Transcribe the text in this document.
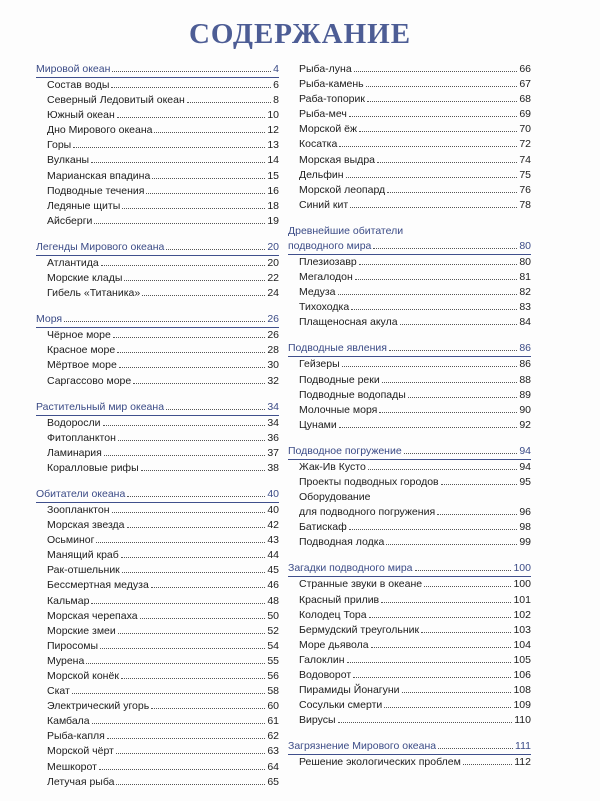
СОДЕРЖАНИЕ
Мировой океан	4
Состав воды	6
Северный Ледовитый океан	8
Южный океан	10
Дно Мирового океана	12
Горы	13
Вулканы	14
Марианская впадина	15
Подводные течения	16
Ледяные щиты	18
Айсберги	19
Легенды Мирового океана	20
Атлантида	20
Морские клады	22
Гибель «Титаника»	24
Моря	26
Чёрное море	26
Красное море	28
Мёртвое море	30
Саргассово море	32
Растительный мир океана	34
Водоросли	34
Фитопланктон	36
Ламинария	37
Коралловые рифы	38
Обитатели океана	40
Зоопланктон	40
Морская звезда	42
Осьминог	43
Манящий краб	44
Рак-отшельник	45
Бессмертная медуза	46
Кальмар	48
Морская черепаха	50
Морские змеи	52
Пиросомы	54
Мурена	55
Морской конёк	56
Скат	58
Электрический угорь	60
Камбала	61
Рыба-капля	62
Морской чёрт	63
Мешкорот	64
Летучая рыба	65
Рыба-луна	66
Рыба-камень	67
Раба-топорик	68
Рыба-меч	69
Морской ёж	70
Косатка	72
Морская выдра	74
Дельфин	75
Морской леопард	76
Синий кит	78
Древнейшие обитатели
подводного мира	80
Плезиозавр	80
Мегалодон	81
Медуза	82
Тихоходка	83
Плащеносная акула	84
Подводные явления	86
Гейзеры	86
Подводные реки	88
Подводные водопады	89
Молочные моря	90
Цунами	92
Подводное погружение	94
Жак-Ив Кусто	94
Проекты подводных городов	95
Оборудование
для подводного погружения	96
Батискаф	98
Подводная лодка	99
Загадки подводного мира	100
Странные звуки в океане	100
Красный прилив	101
Колодец Тора	102
Бермудский треугольник	103
Море дьявола	104
Галоклин	105
Водоворот	106
Пирамиды Йонагуни	108
Сосульки смерти	109
Вирусы	110
Загрязнение Мирового океана	111
Решение экологических проблем	112
